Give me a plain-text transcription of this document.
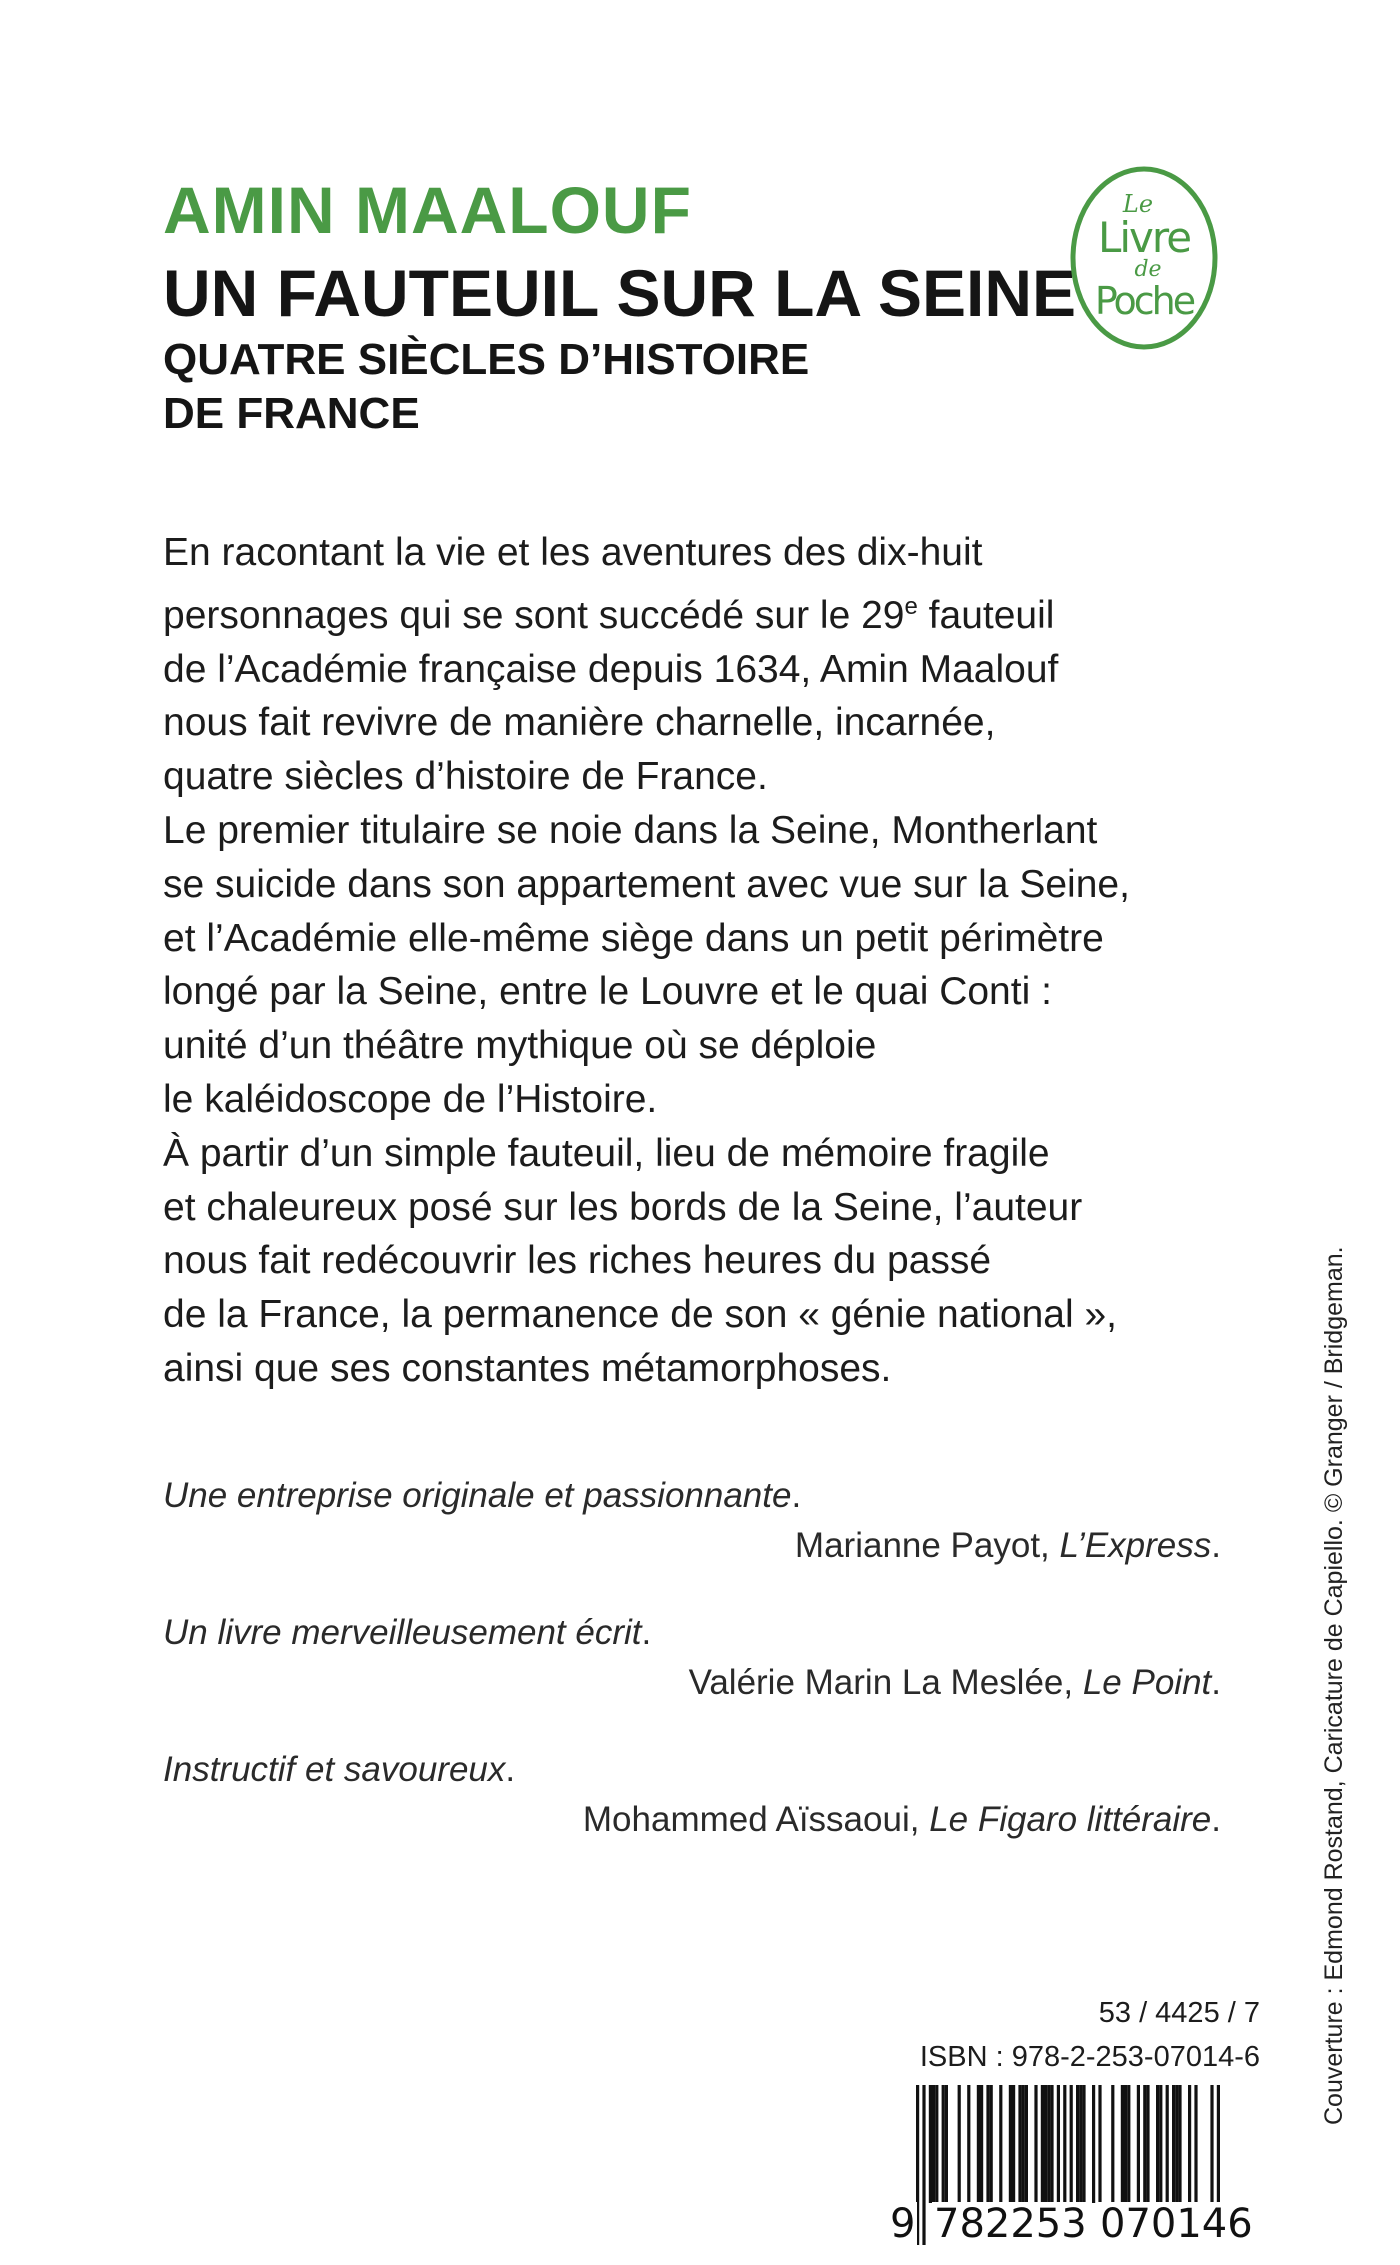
AMIN MAALOUF
UN FAUTEUIL SUR LA SEINE
QUATRE SIÈCLES D’HISTOIRE
DE FRANCE
Le
Livre
de
Poche
En racontant la vie et les aventures des dix-huit
personnages qui se sont succédé sur le 29e fauteuil
de l’Académie française depuis 1634, Amin Maalouf
nous fait revivre de manière charnelle, incarnée,
quatre siècles d’histoire de France.
Le premier titulaire se noie dans la Seine, Montherlant
se suicide dans son appartement avec vue sur la Seine,
et l’Académie elle-même siège dans un petit périmètre
longé par la Seine, entre le Louvre et le quai Conti :
unité d’un théâtre mythique où se déploie
le kaléidoscope de l’Histoire.
À partir d’un simple fauteuil, lieu de mémoire fragile
et chaleureux posé sur les bords de la Seine, l’auteur
nous fait redécouvrir les riches heures du passé
de la France, la permanence de son « génie national »,
ainsi que ses constantes métamorphoses.
Une entreprise originale et passionnante.
Marianne Payot, L’Express.
Un livre merveilleusement écrit.
Valérie Marin La Meslée, Le Point.
Instructif et savoureux.
Mohammed Aïssaoui, Le Figaro littéraire.	Couverture : Edmond Rostand, Caricature de Capiello. © Granger / Bridgeman.
53 / 4425 / 7
ISBN : 978-2-253-07014-6
9 782253 070146
